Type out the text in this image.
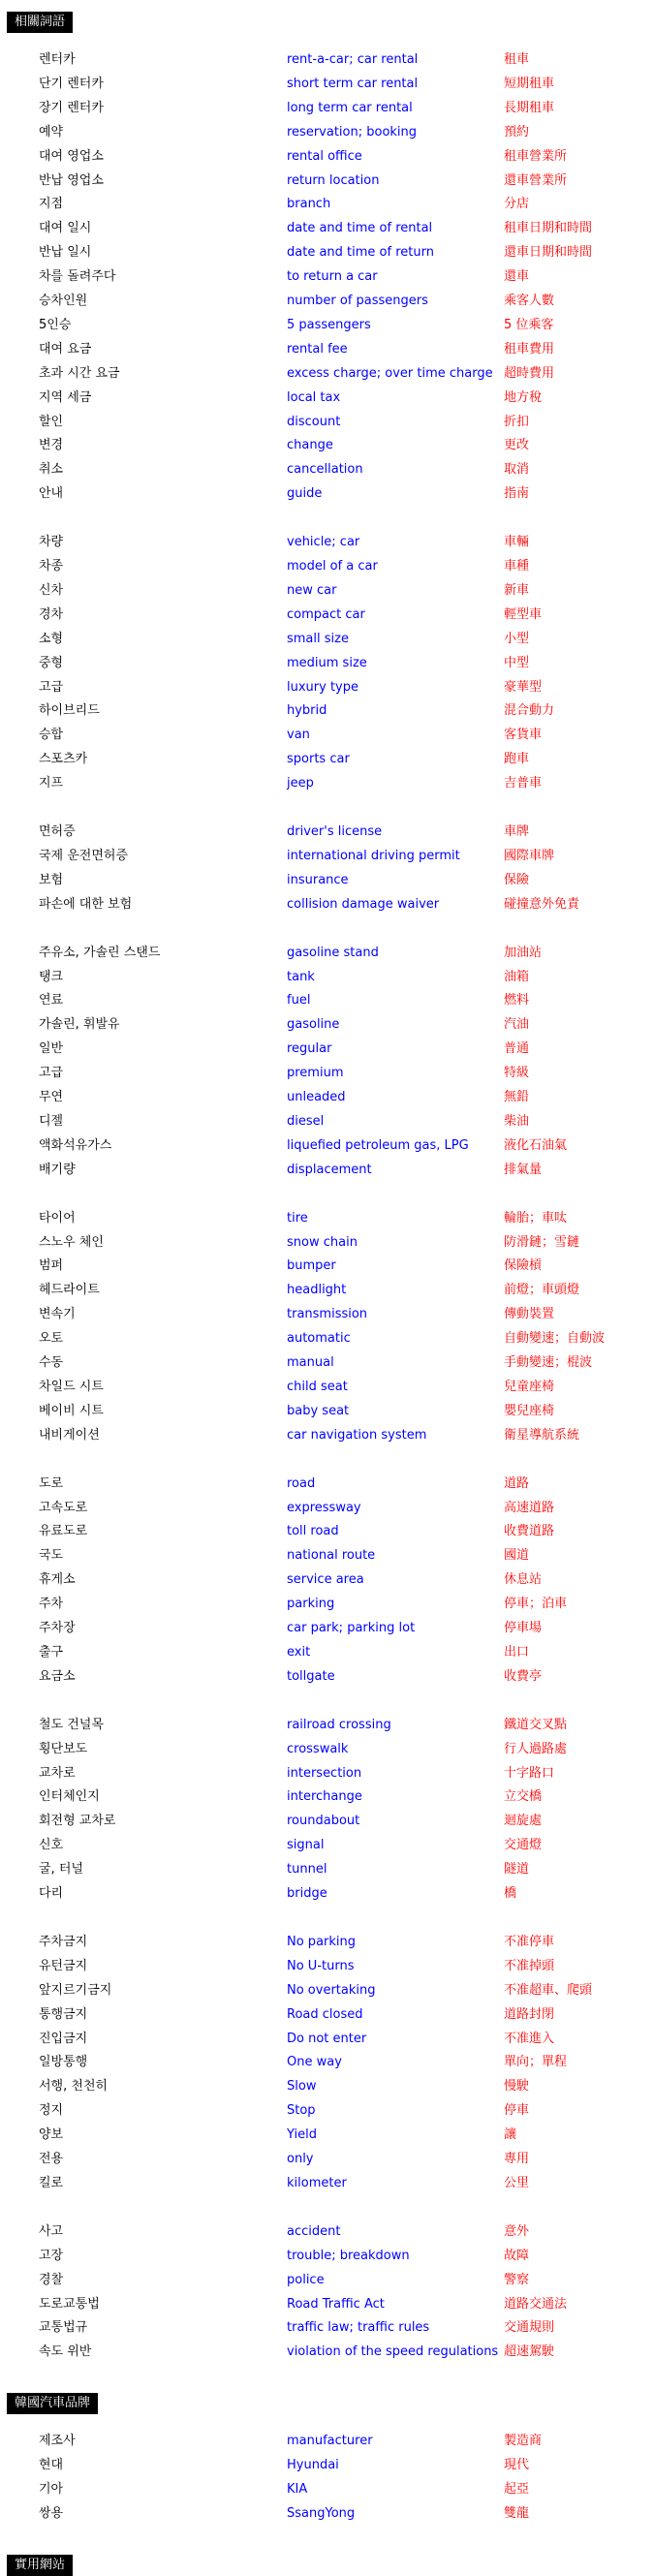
相關詞語
렌터카	rent-a-car; car rental	租車
단기 렌터카	short term car rental	短期租車
장기 렌터카	long term car rental	長期租車
예약	reservation; booking	預約
대여 영업소	rental office	租車營業所
반납 영업소	return location	還車營業所
지점	branch	分店
대여 일시	date and time of rental	租車日期和時間
반납 일시	date and time of return	還車日期和時間
차를 돌려주다	to return a car	還車
승차인원	number of passengers	乘客人數
5인승	5 passengers	5 位乘客
대여 요금	rental fee	租車費用
초과 시간 요금	excess charge; over time charge 超時費用
지역 세금	local tax	地方稅
할인	discount	折扣
변경	change	更改
취소	cancellation	取消
안내	guide	指南
차량	vehicle; car	車輛
차종	model of a car	車種
신차	new car	新車
경차	compact car	輕型車
소형	small size	小型
중형	medium size	中型
고급	luxury type	豪華型
하이브리드	hybrid	混合動力
승합	van	客貨車
스포츠카	sports car	跑車
지프	jeep	吉普車
면허증	driver's license	車牌
국제 운전면허증	international driving permit	國際車牌
보험	insurance	保險
파손에 대한 보험	collision damage waiver	碰撞意外免責
주유소, 가솔린 스탠드	gasoline stand	加油站
탱크	tank	油箱
연료	fuel	燃料
가솔린, 휘발유	gasoline	汽油
일반	regular	普通
고급	premium	特級
무연	unleaded	無鉛
디젤	diesel	柴油
액화석유가스	liquefied petroleum gas, LPG	液化石油氣
배기량	displacement	排氣量
타이어	tire	輪胎；車呔
스노우 체인	snow chain	防滑鏈；雪鏈
범퍼	bumper	保險槓
헤드라이트	headlight	前燈；車頭燈
변속기	transmission	傳動裝置
오토	automatic	自動變速；自動波
수동	manual	手動變速；棍波
차일드 시트	child seat	兒童座椅
베이비 시트	baby seat	嬰兒座椅
내비게이션	car navigation system	衛星導航系統
도로	road	道路
고속도로	expressway	高速道路
유료도로	toll road	收費道路
국도	national route	國道
휴게소	service area	休息站
주차	parking	停車；泊車
주차장	car park; parking lot	停車場
출구	exit	出口
요금소	tollgate	收費亭
철도 건널목	railroad crossing	鐵道交叉點
횡단보도	crosswalk	行人過路處
교차로	intersection	十字路口
인터체인지	interchange	立交橋
회전형 교차로	roundabout	迴旋處
신호	signal	交通燈
굴, 터널	tunnel	隧道
다리	bridge	橋
주차금지	No parking	不准停車
유턴금지	No U-turns	不准掉頭
앞지르기금지	No overtaking	不准超車、爬頭
통행금지	Road closed	道路封閉
진입금지	Do not enter	不准進入
일방통행	One way	單向；單程
서행, 천천히	Slow	慢駛
정지	Stop	停車
양보	Yield	讓
전용	only	專用
킬로	kilometer	公里
사고	accident	意外
고장	trouble; breakdown	故障
경찰	police	警察
도로교통법	Road Traffic Act	道路交通法
교통법규	traffic law; traffic rules	交通規則
속도 위반	violation of the speed regulations 超速駕駛
韓國汽車品牌
제조사	manufacturer	製造商
현대	Hyundai	現代
기아	KIA	起亞
쌍용	SsangYong	雙龍
實用網站
